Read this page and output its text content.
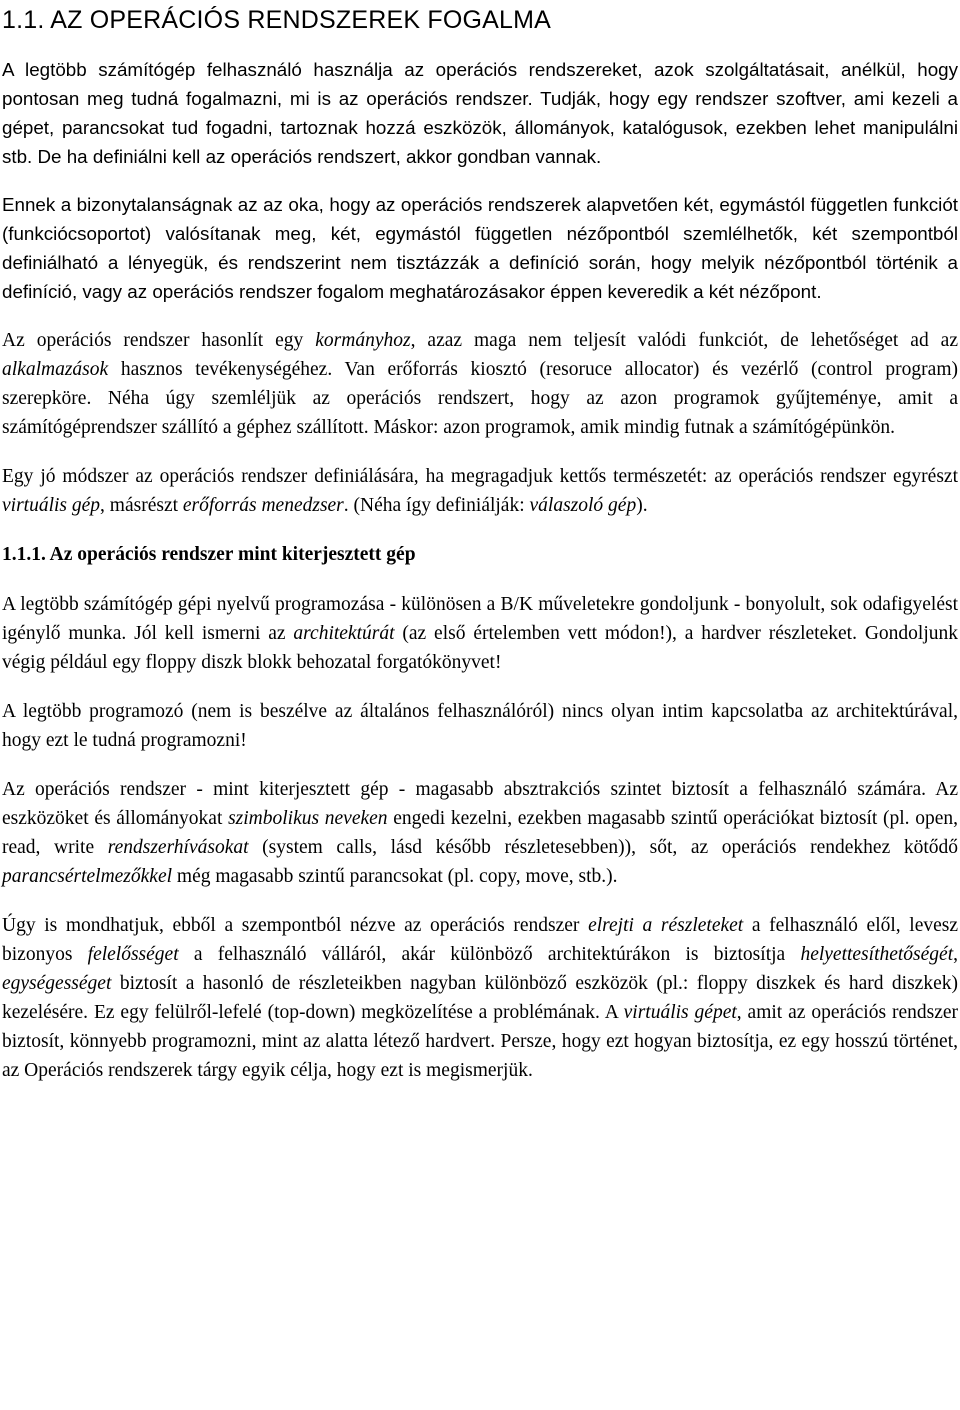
1.1. AZ OPERÁCIÓS RENDSZEREK FOGALMA

A legtöbb számítógép felhasználó használja az operációs rendszereket, azok szolgáltatásait, anélkül, hogy pontosan meg tudná fogalmazni, mi is az operációs rendszer. Tudják, hogy egy rendszer szoftver, ami kezeli a gépet, parancsokat tud fogadni, tartoznak hozzá eszközök, állományok, katalógusok, ezekben lehet manipulálni stb. De ha definiálni kell az operációs rendszert, akkor gondban vannak.

Ennek a bizonytalanságnak az az oka, hogy az operációs rendszerek alapvetően két, egymástól független funkciót (funkciócsoportot) valósítanak meg, két, egymástól független nézőpontból szemlélhetők, két szempontból definiálható a lényegük, és rendszerint nem tisztázzák a definíció során, hogy melyik nézőpontból történik a definíció, vagy az operációs rendszer fogalom meghatározásakor éppen keveredik a két nézőpont.

Az operációs rendszer hasonlít egy kormányhoz, azaz maga nem teljesít valódi funkciót, de lehetőséget ad az alkalmazások hasznos tevékenységéhez. Van erőforrás kiosztó (resoruce allocator) és vezérlő (control program) szerepköre. Néha úgy szemléljük az operációs rendszert, hogy az azon programok gyűjteménye, amit a számítógéprendszer szállító a géphez szállított. Máskor: azon programok, amik mindig futnak a számítógépünkön.

Egy jó módszer az operációs rendszer definiálására, ha megragadjuk kettős természetét: az operációs rendszer egyrészt virtuális gép, másrészt erőforrás menedzser. (Néha így definiálják: válaszoló gép).

1.1.1. Az operációs rendszer mint kiterjesztett gép

A legtöbb számítógép gépi nyelvű programozása - különösen a B/K műveletekre gondoljunk - bonyolult, sok odafigyelést igénylő munka. Jól kell ismerni az architektúrát (az első értelemben vett módon!), a hardver részleteket. Gondoljunk végig például egy floppy diszk blokk behozatal forgatókönyvet!

A legtöbb programozó (nem is beszélve az általános felhasználóról) nincs olyan intim kapcsolatba az architektúrával, hogy ezt le tudná programozni!

Az operációs rendszer - mint kiterjesztett gép - magasabb absztrakciós szintet biztosít a felhasználó számára. Az eszközöket és állományokat szimbolikus neveken engedi kezelni, ezekben magasabb szintű operációkat biztosít (pl. open, read, write rendszerhívásokat (system calls, lásd később részletesebben)), sőt, az operációs rendekhez kötődő parancsértelmezőkkel még magasabb szintű parancsokat (pl. copy, move, stb.).

Úgy is mondhatjuk, ebből a szempontból nézve az operációs rendszer elrejti a részleteket a felhasználó elől, levesz bizonyos felelősséget a felhasználó válláról, akár különböző architektúrákon is biztosítja helyettesíthetőségét, egységességet biztosít a hasonló de részleteikben nagyban különböző eszközök (pl.: floppy diszkek és hard diszkek) kezelésére. Ez egy felülről-lefelé (top-down) megközelítése a problémának. A virtuális gépet, amit az operációs rendszer biztosít, könnyebb programozni, mint az alatta létező hardvert. Persze, hogy ezt hogyan biztosítja, ez egy hosszú történet, az Operációs rendszerek tárgy egyik célja, hogy ezt is megismerjük.
